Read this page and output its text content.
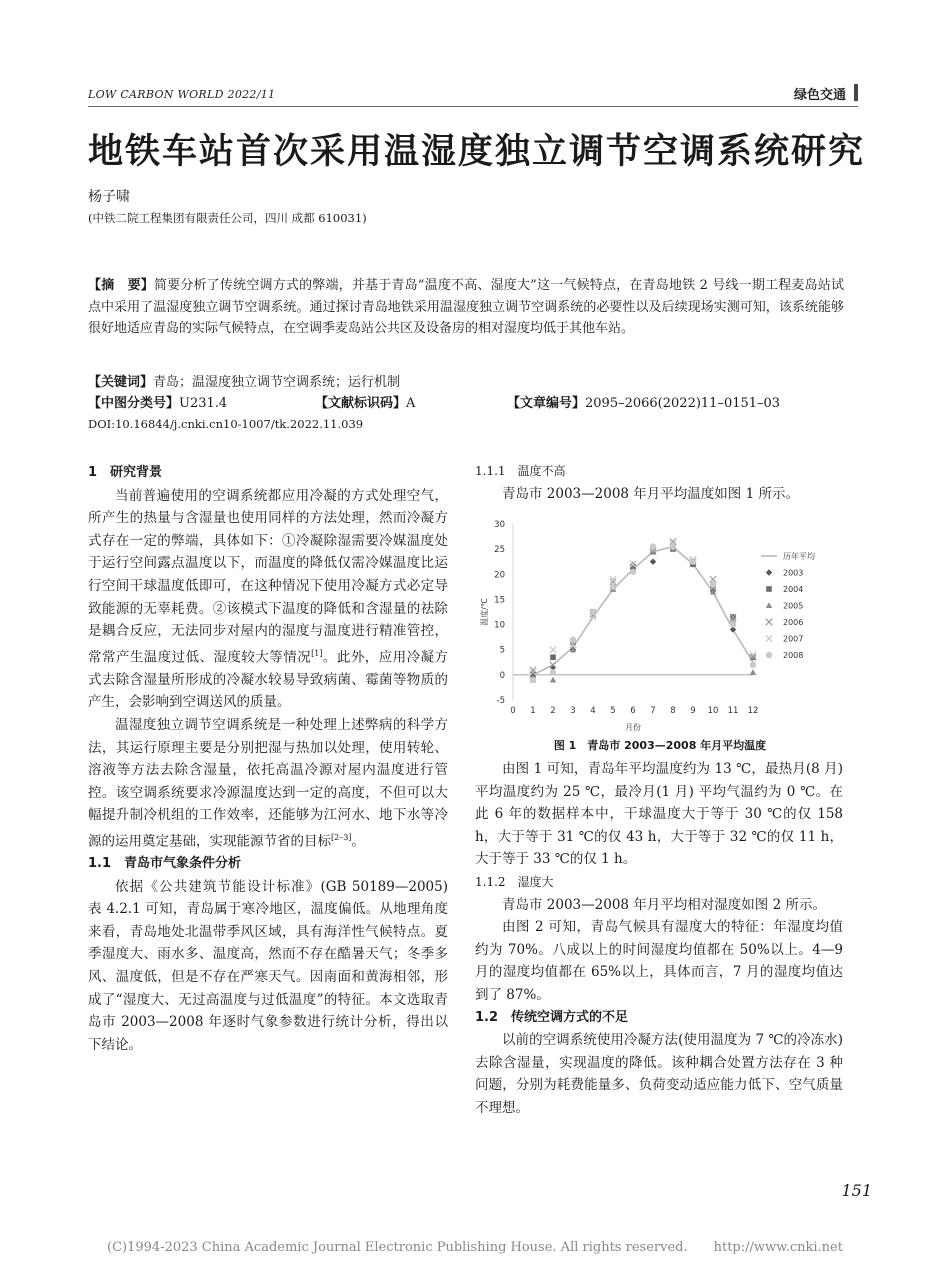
LOW CARBON WORLD 2022/11	绿色交通
地铁车站首次采用温湿度独立调节空调系统研究
杨子啸
(中铁二院工程集团有限责任公司，四川 成都 610031)
【摘　要】简要分析了传统空调方式的弊端，并基于青岛“温度不高、湿度大”这一气候特点，在青岛地铁 2 号线一期工程麦岛站试点中采用了温湿度独立调节空调系统。通过探讨青岛地铁采用温湿度独立调节空调系统的必要性以及后续现场实测可知，该系统能够很好地适应青岛的实际气候特点，在空调季麦岛站公共区及设备房的相对湿度均低于其他车站。
【关键词】青岛；温湿度独立调节空调系统；运行机制
【中图分类号】U231.4	【文献标识码】A	【文章编号】2095–2066(2022)11–0151–03
DOI:10.16844/j.cnki.cn10-1007/tk.2022.11.039

1　研究背景

当前普遍使用的空调系统都应用冷凝的方式处理空气，所产生的热量与含湿量也使用同样的方法处理，然而冷凝方式存在一定的弊端，具体如下：①冷凝除湿需要冷媒温度处于运行空间露点温度以下，而温度的降低仅需冷媒温度比运行空间干球温度低即可，在这种情况下使用冷凝方式必定导致能源的无辜耗费。②该模式下温度的降低和含湿量的祛除是耦合反应，无法同步对屋内的湿度与温度进行精准管控，常常产生温度过低、湿度较大等情况[1]。此外，应用冷凝方式去除含湿量所形成的冷凝水较易导致病菌、霉菌等物质的产生，会影响到空调送风的质量。

温湿度独立调节空调系统是一种处理上述弊病的科学方法，其运行原理主要是分别把湿与热加以处理，使用转轮、溶液等方法去除含湿量，依托高温冷源对屋内温度进行管控。该空调系统要求冷源温度达到一定的高度，不但可以大幅提升制冷机组的工作效率，还能够为江河水、地下水等冷源的运用奠定基础，实现能源节省的目标[2–3]。

1.1　青岛市气象条件分析

依据《公共建筑节能设计标准》(GB 50189—2005) 表 4.2.1 可知，青岛属于寒冷地区，温度偏低。从地理角度来看，青岛地处北温带季风区域，具有海洋性气候特点。夏季湿度大、雨水多、温度高，然而不存在酷暑天气；冬季多风、温度低，但是不存在严寒天气。因南面和黄海相邻，形成了“湿度大、无过高温度与过低温度”的特征。本文选取青岛市 2003—2008 年逐时气象参数进行统计分析，得出以下结论。

1.1.1　温度不高

青岛市 2003—2008 年月平均温度如图 1 所示。

-5
0
5
10
15
20
25
30
0 1 2 3 4 5 6 7 8 9 10 11 12
月份
温度/℃
历年平均
2003
2004
2005
2006
2007
2008
图 1　青岛市 2003—2008 年月平均温度

由图 1 可知，青岛年平均温度约为 13 ℃，最热月(8 月) 平均温度约为 25 ℃，最冷月(1 月) 平均气温约为 0 ℃。在此 6 年的数据样本中，干球温度大于等于 30 ℃的仅 158 h，大于等于 31 ℃的仅 43 h，大于等于 32 ℃的仅 11 h，大于等于 33 ℃的仅 1 h。

1.1.2　湿度大

青岛市 2003—2008 年月平均相对湿度如图 2 所示。

由图 2 可知，青岛气候具有湿度大的特征：年湿度均值约为 70%。八成以上的时间湿度均值都在 50%以上。4—9 月的湿度均值都在 65%以上，具体而言，7 月的湿度均值达到了 87%。

1.2　传统空调方式的不足

以前的空调系统使用冷凝方法(使用温度为 7 ℃的冷冻水) 去除含湿量，实现温度的降低。该种耦合处置方法存在 3 种问题，分别为耗费能量多、负荷变动适应能力低下、空气质量不理想。

151
(C)1994-2023 China Academic Journal Electronic Publishing House. All rights reserved.　　http://www.cnki.net
